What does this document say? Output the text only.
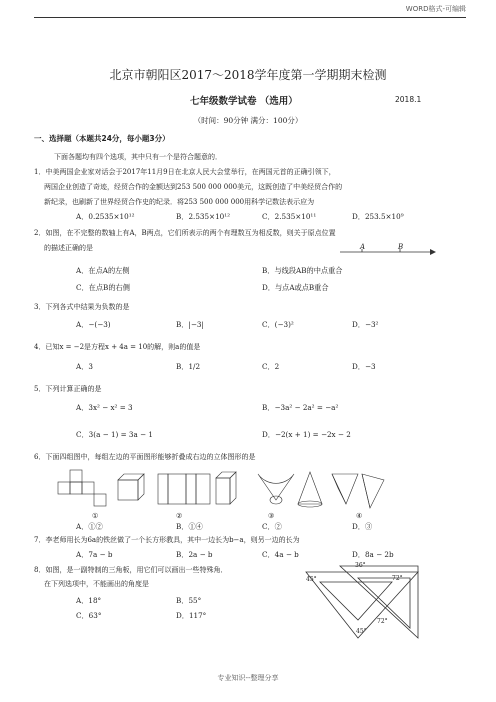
WORD格式-可编辑
北京市朝阳区2017～2018学年度第一学期期末检测
七年级数学试卷 （选用）	2018.1
（时间：90分钟 满分：100分）
一、选择题（本题共24分，每小题3分）
下面各题均有四个选项，其中只有一个是符合题意的．
1．中美两国企业家对话会于2017年11月9日在北京人民大会堂举行，在两国元首的正确引领下，
两国企业创造了奇迹，经贸合作的金额达到253 500 000 000美元，这既创造了中美经贸合作的
新纪录，也刷新了世界经贸合作史的纪录．将253 500 000 000用科学记数法表示应为
A．0.2535×10¹²	B．2.535×10¹²	C．2.535×10¹¹	D．253.5×10⁹
2．如图，在不完整的数轴上有A，B两点，它们所表示的两个有理数互为相反数，则关于原点位置
的描述正确的是	A	B
A．在点A的左侧	B．与线段AB的中点重合
C．在点B的右侧	D．与点A或点B重合
3．下列各式中结果为负数的是
A．−(−3)	B．|−3|	C．(−3)²	D．−3²
4．已知x = −2是方程x + 4a = 10的解，则a的值是
A．3	B．1/2	C．2	D．−3
5．下列计算正确的是
A．3x² − x² = 3	B．−3a² − 2a² = −a²
C．3(a − 1) = 3a − 1	D．−2(x + 1) = −2x − 2
6．下面四组图中，每组左边的平面图形能够折叠成右边的立体图形的是
①	②	③	④
A．①②	B．①④	C．②	D．③
7．李老师用长为6a的铁丝做了一个长方形教具，其中一边长为b−a，则另一边的长为
A．7a − b	B．2a − b	C．4a − b	D．8a − 2b
8．如图，是一副特制的三角板，用它们可以画出一些特殊角．
在下列选项中，不能画出的角度是
A．18°	B．55°
C．63°	D．117°
36°
45°	72°
72°
45°
专业知识--整理分享
